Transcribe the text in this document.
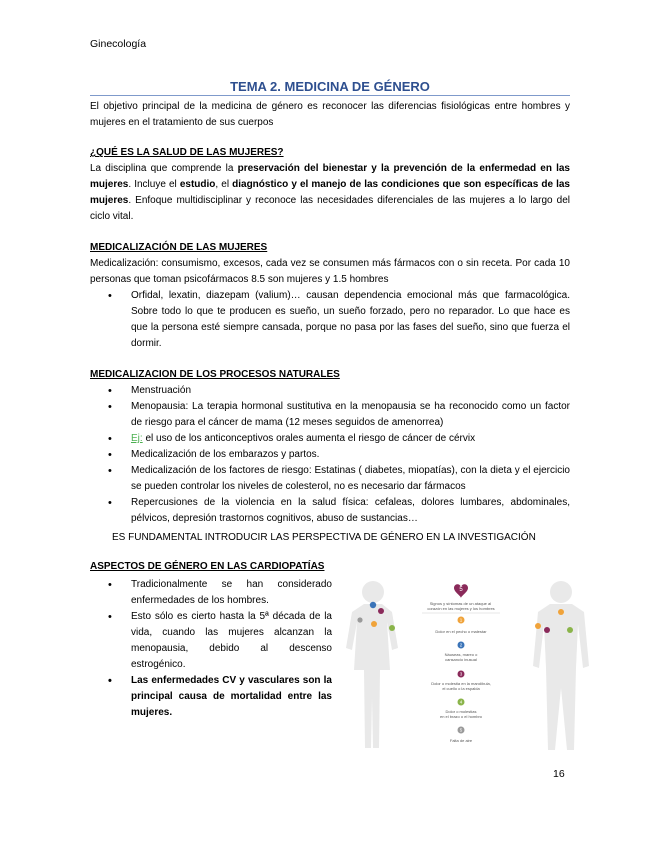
Ginecología
TEMA 2. MEDICINA DE GÉNERO

El objetivo principal de la medicina de género es reconocer las diferencias fisiológicas entre hombres y mujeres en el tratamiento de sus cuerpos

¿QUÉ ES LA SALUD DE LAS MUJERES?

La disciplina que comprende la preservación del bienestar y la prevención de la enfermedad en las mujeres. Incluye el estudio, el diagnóstico y el manejo de las condiciones que son específicas de las mujeres. Enfoque multidisciplinar y reconoce las necesidades diferenciales de las mujeres a lo largo del ciclo vital.

MEDICALIZACIÓN DE LAS MUJERES

Medicalización: consumismo, excesos, cada vez se consumen más fármacos con o sin receta. Por cada 10 personas que toman psicofármacos 8.5 son mujeres y 1.5 hombres

• Orfidal, lexatin, diazepam (valium)… causan dependencia emocional más que farmacológica. Sobre todo lo que te producen es sueño, un sueño forzado, pero no reparador. Lo que hace es que la persona esté siempre cansada, porque no pasa por las fases del sueño, sino que fuerza el dormir.
MEDICALIZACION DE LOS PROCESOS NATURALES
• Menstruación
• Menopausia: La terapia hormonal sustitutiva en la menopausia se ha reconocido como un factor de riesgo para el cáncer de mama (12 meses seguidos de amenorrea)
• Ej: el uso de los anticonceptivos orales aumenta el riesgo de cáncer de cérvix
• Medicalización de los embarazos y partos.
• Medicalización de los factores de riesgo: Estatinas ( diabetes, miopatías), con la dieta y el ejercicio se pueden controlar los niveles de colesterol, no es necesario dar fármacos
• Repercusiones de la violencia en la salud física: cefaleas, dolores lumbares, abdominales, pélvicos, depresión trastornos cognitivos, abuso de sustancias…
ES FUNDAMENTAL INTRODUCIR LAS PERSPECTIVA DE GÉNERO EN LA INVESTIGACIÓN
ASPECTOS DE GÉNERO EN LAS CARDIOPATÍAS
• Tradicionalmente se han considerado enfermedades de los hombres.
• Esto sólo es cierto hasta la 5ª década de la vida, cuando las mujeres alcanzan la menopausia, debido al descenso estrogénico.
• Las enfermedades CV y vasculares son la principal causa de mortalidad entre las mujeres.
5
Signos y síntomas de un ataque al corazón en las mujeres y los hombres
1
Dolor en el pecho o malestar
2
Náuseas, mareo o
cansancio inusual
3
Dolor o molestia en la mandíbula,
el cuello o la espalda
4
Dolor o molestias
en el brazo o el hombro
5
Falta de aire
16
